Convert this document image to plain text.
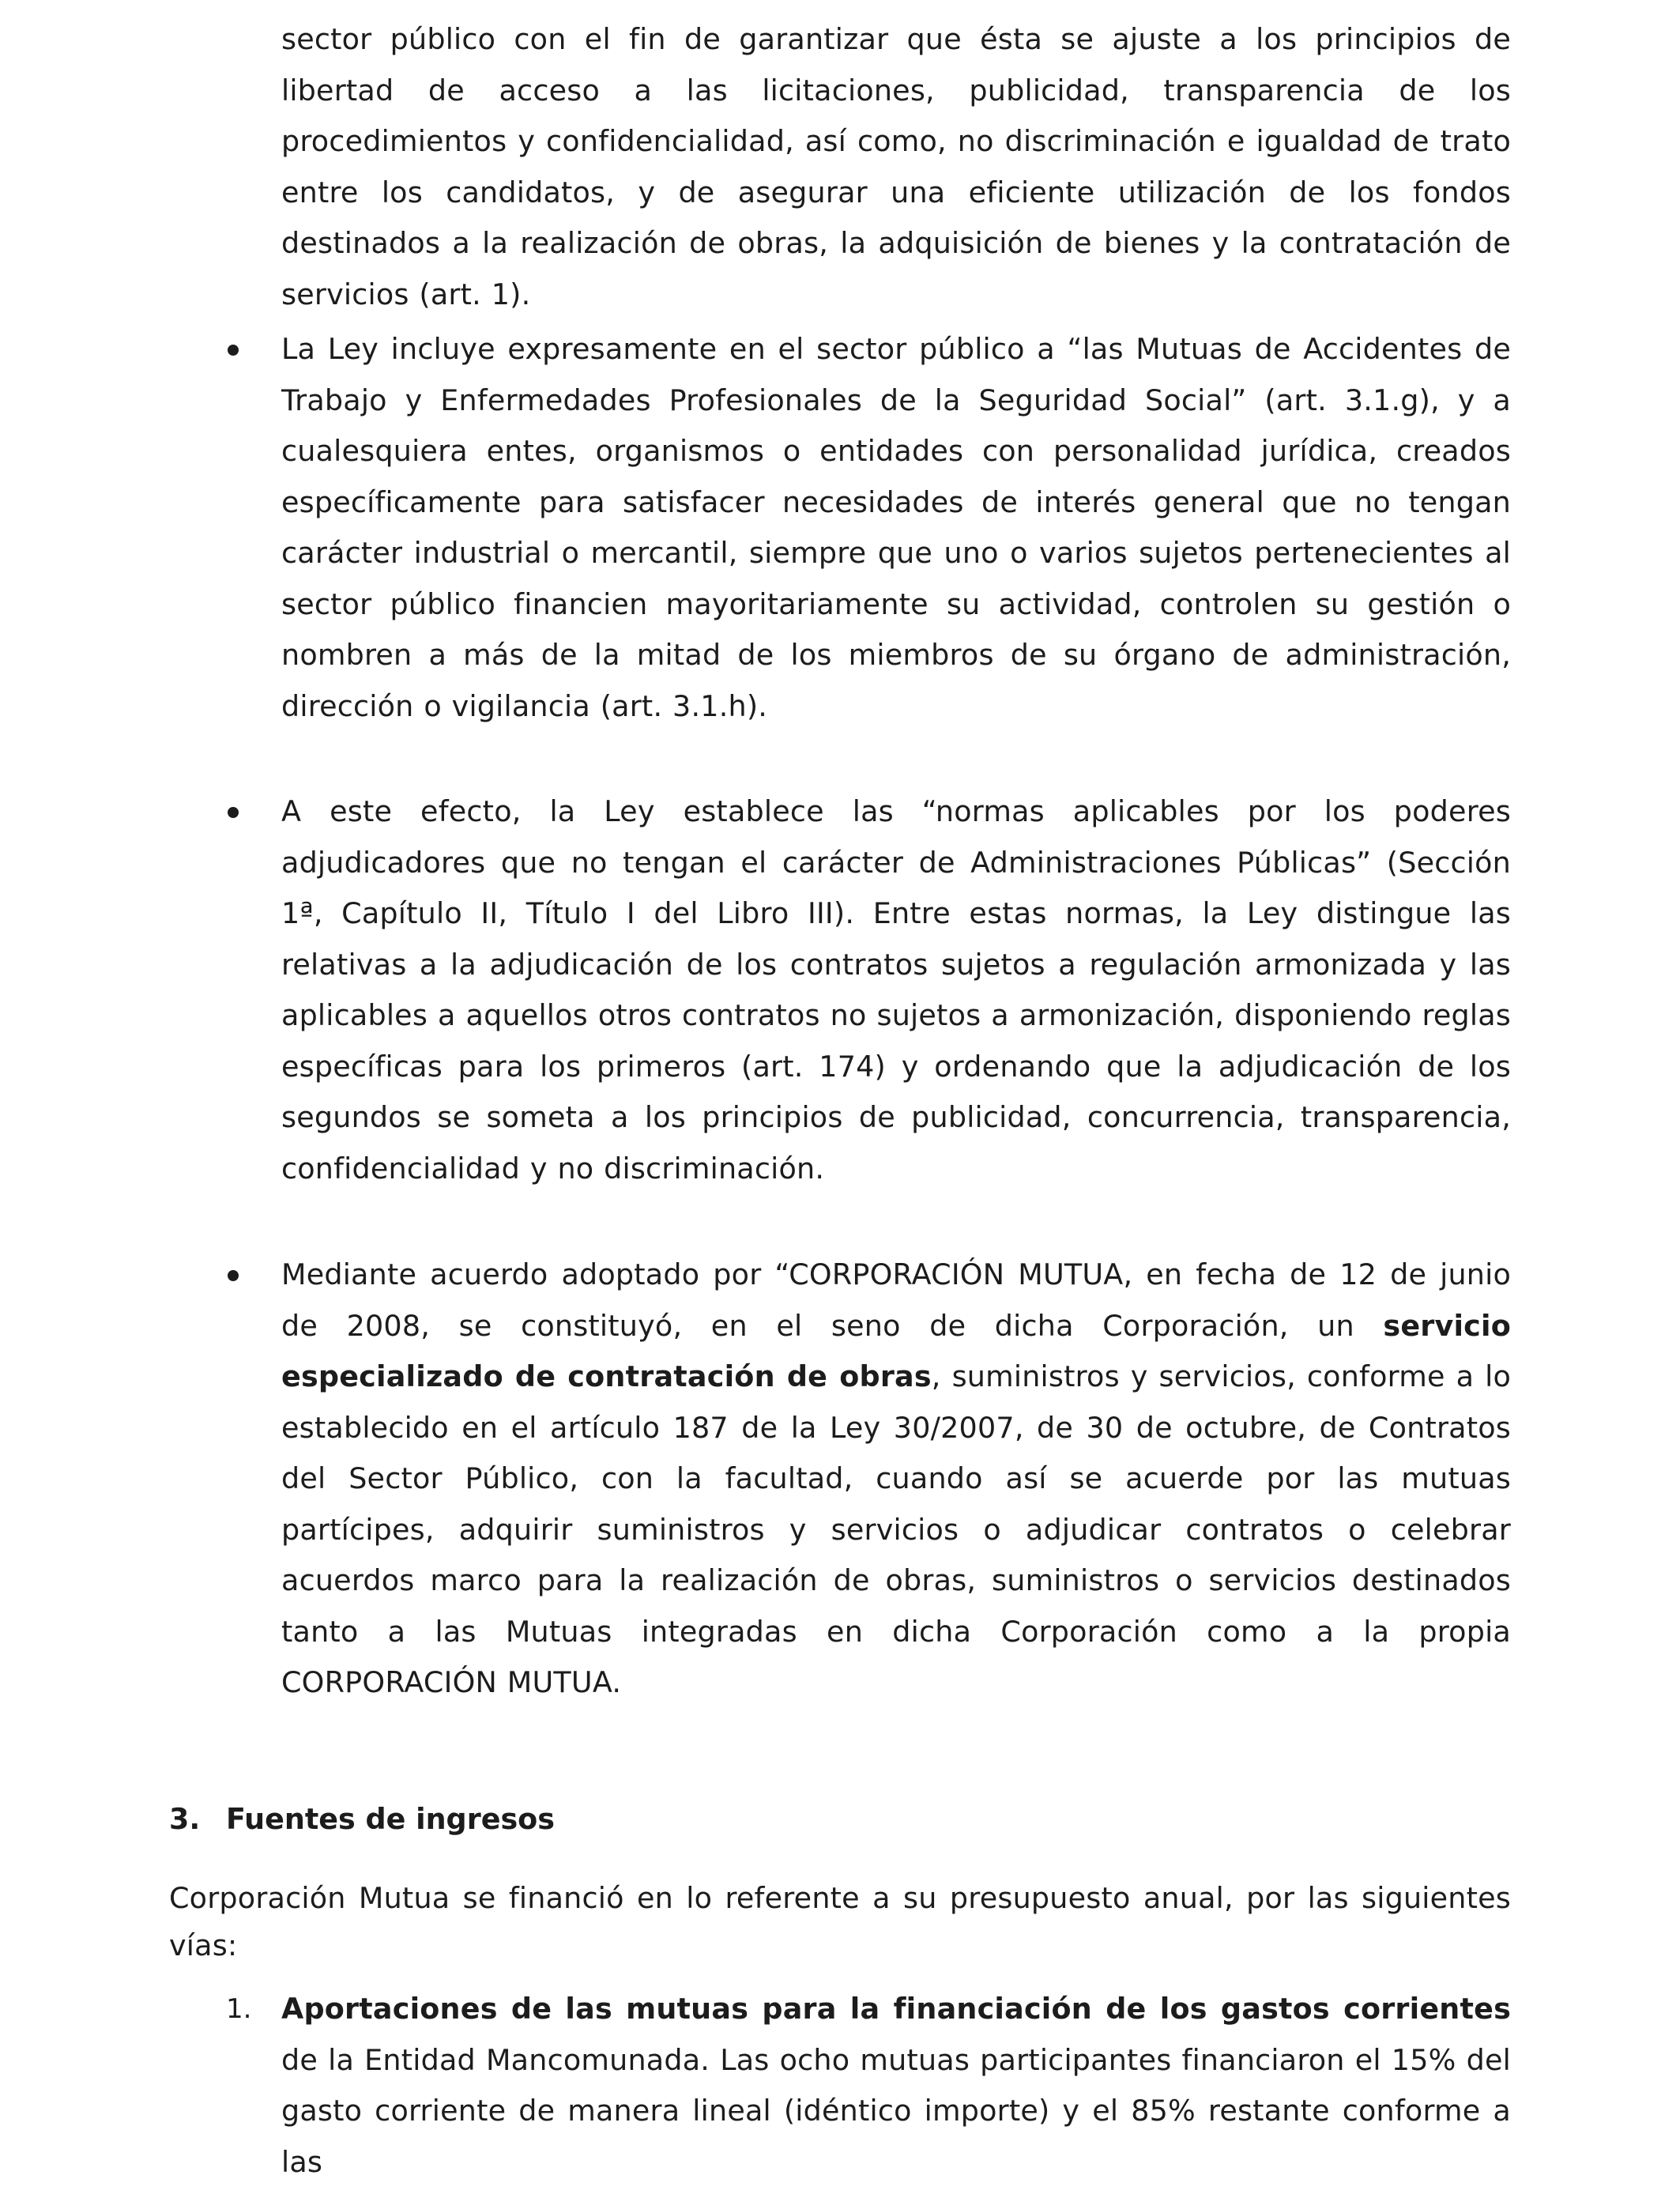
sector público con el fin de garantizar que ésta se ajuste a los principios de libertad de acceso a las licitaciones, publicidad, transparencia de los procedimientos y confidencialidad, así como, no discriminación e igualdad de trato entre los candidatos, y de asegurar una eficiente utilización de los fondos destinados a la realización de obras, la adquisición de bienes y la contratación de servicios (art. 1).

La Ley incluye expresamente en el sector público a “las Mutuas de Accidentes de Trabajo y Enfermedades Profesionales de la Seguridad Social” (art. 3.1.g), y a cualesquiera entes, organismos o entidades con personalidad jurídica, creados específicamente para satisfacer necesidades de interés general que no tengan carácter industrial o mercantil, siempre que uno o varios sujetos pertenecientes al sector público financien mayoritariamente su actividad, controlen su gestión o nombren a más de la mitad de los miembros de su órgano de administración, dirección o vigilancia (art. 3.1.h).

A este efecto, la Ley establece las “normas aplicables por los poderes adjudicadores que no tengan el carácter de Administraciones Públicas” (Sección 1ª, Capítulo II, Título I del Libro III). Entre estas normas, la Ley distingue las relativas a la adjudicación de los contratos sujetos a regulación armonizada y las aplicables a aquellos otros contratos no sujetos a armonización, disponiendo reglas específicas para los primeros (art. 174) y ordenando que la adjudicación de los segundos se someta a los principios de publicidad, concurrencia, transparencia, confidencialidad y no discriminación.

Mediante acuerdo adoptado por “CORPORACIÓN MUTUA, en fecha de 12 de junio de 2008, se constituyó, en el seno de dicha Corporación, un servicio especializado de contratación de obras, suministros y servicios, conforme a lo establecido en el artículo 187 de la Ley 30/2007, de 30 de octubre, de Contratos del Sector Público, con la facultad, cuando así se acuerde por las mutuas partícipes, adquirir suministros y servicios o adjudicar contratos o celebrar acuerdos marco para la realización de obras, suministros o servicios destinados tanto a las Mutuas integradas en dicha Corporación como a la propia CORPORACIÓN MUTUA.

3. Fuentes de ingresos

Corporación Mutua se financió en lo referente a su presupuesto anual, por las siguientes vías:

1. Aportaciones de las mutuas para la financiación de los gastos corrientes de la Entidad Mancomunada. Las ocho mutuas participantes financiaron el 15% del gasto corriente de manera lineal (idéntico importe) y el 85% restante conforme a las
